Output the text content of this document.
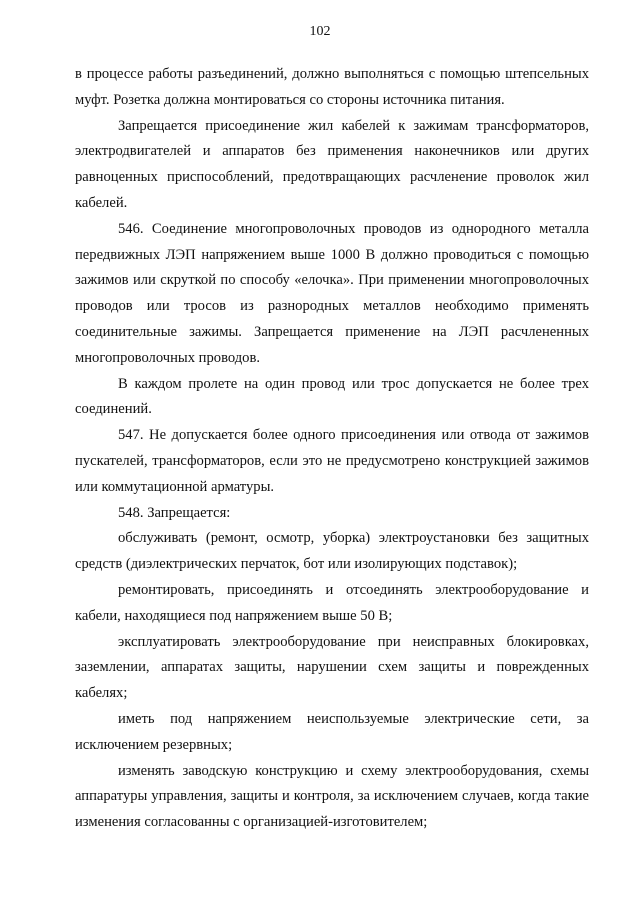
102

в процессе работы разъединений, должно выполняться с помощью штепсельных муфт. Розетка должна монтироваться со стороны источника питания.

Запрещается присоединение жил кабелей к зажимам трансформаторов, электродвигателей и аппаратов без применения наконечников или других равноценных приспособлений, предотвращающих расчленение проволок жил кабелей.

546. Соединение многопроволочных проводов из однородного металла передвижных ЛЭП напряжением выше 1000 В должно проводиться с помощью зажимов или скруткой по способу «елочка». При применении многопроволочных проводов или тросов из разнородных металлов необходимо применять соединительные зажимы. Запрещается применение на ЛЭП расчлененных многопроволочных проводов.

В каждом пролете на один провод или трос допускается не более трех соединений.

547. Не допускается более одного присоединения или отвода от зажимов пускателей, трансформаторов, если это не предусмотрено конструкцией зажимов или коммутационной арматуры.

548. Запрещается:

обслуживать (ремонт, осмотр, уборка) электроустановки без защитных средств (диэлектрических перчаток, бот или изолирующих подставок);

ремонтировать, присоединять и отсоединять электрооборудование и кабели, находящиеся под напряжением выше 50 В;

эксплуатировать электрооборудование при неисправных блокировках, заземлении, аппаратах защиты, нарушении схем защиты и поврежденных кабелях;

иметь под напряжением неиспользуемые электрические сети, за исключением резервных;

изменять заводскую конструкцию и схему электрооборудования, схемы аппаратуры управления, защиты и контроля, за исключением случаев, когда такие изменения согласованны с организацией-изготовителем;
